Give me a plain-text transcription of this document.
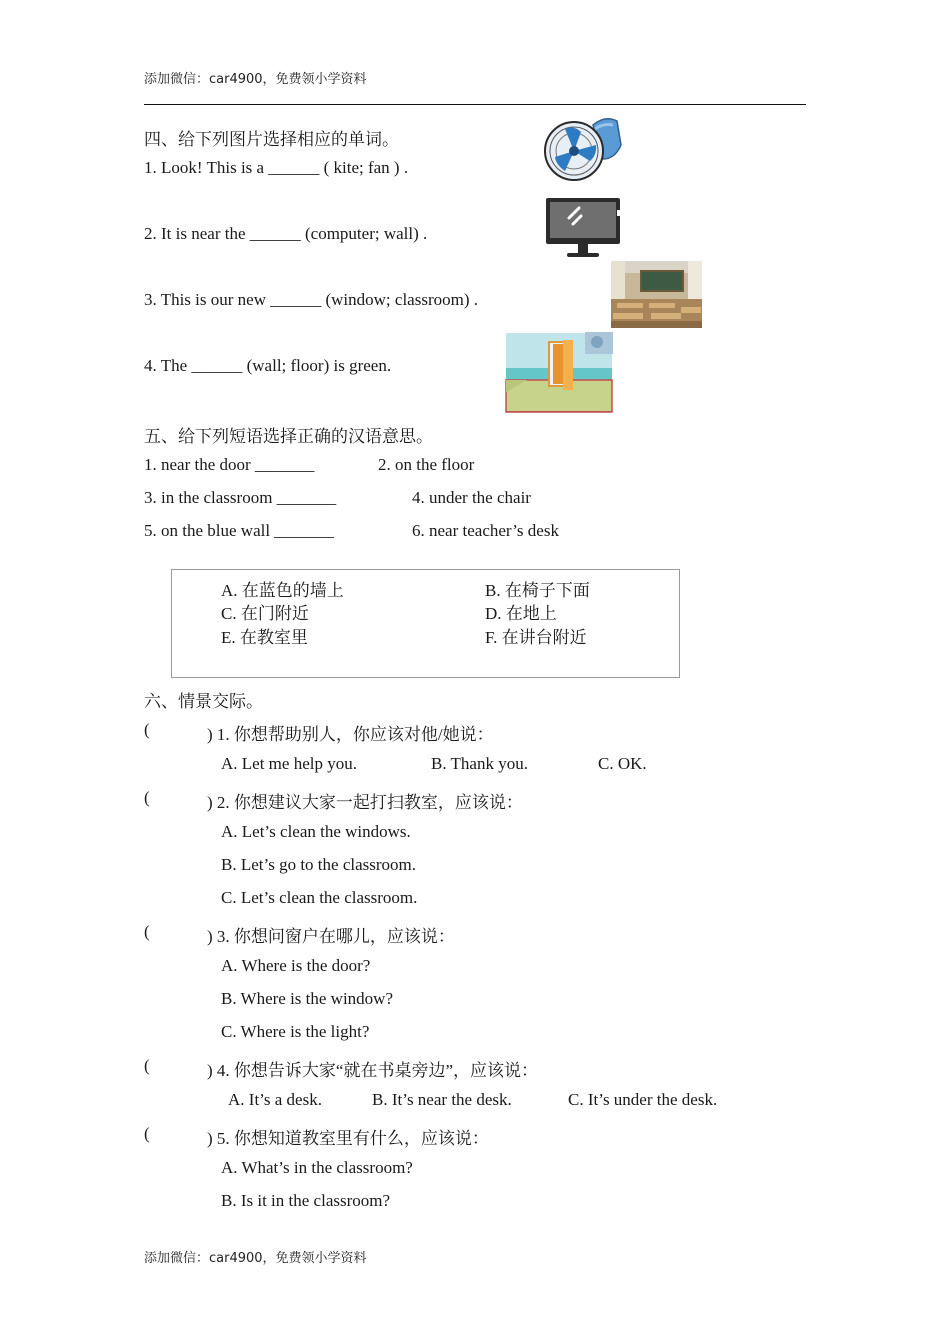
添加微信：car4900，免费领小学资料
四、给下列图片选择相应的单词。
1. Look! This is a ______ ( kite; fan ) .
2. It is near the ______ (computer; wall) .
3. This is our new ______ (window; classroom) .
4. The ______ (wall; floor) is green.
五、给下列短语选择正确的汉语意思。
1. near the door _______	2. on the floor
3. in the classroom _______	4. under the chair
5. on the blue wall _______	6. near teacher’s desk
A. 在蓝色的墙上	B. 在椅子下面
C. 在门附近	D. 在地上
E. 在教室里	F. 在讲台附近
六、情景交际。
(	) 1. 你想帮助别人，你应该对他/她说：
A. Let me help you.	B. Thank you.	C. OK.
(	) 2. 你想建议大家一起打扫教室，应该说：
A. Let’s clean the windows.
B. Let’s go to the classroom.
C. Let’s clean the classroom.
(	) 3. 你想问窗户在哪儿，应该说：
A. Where is the door?
B. Where is the window?
C. Where is the light?
(	) 4. 你想告诉大家“就在书桌旁边”，应该说：
A. It’s a desk.	B. It’s near the desk.	C. It’s under the desk.
(	) 5. 你想知道教室里有什么，应该说：
A. What’s in the classroom?
B. Is it in the classroom?
添加微信：car4900，免费领小学资料
